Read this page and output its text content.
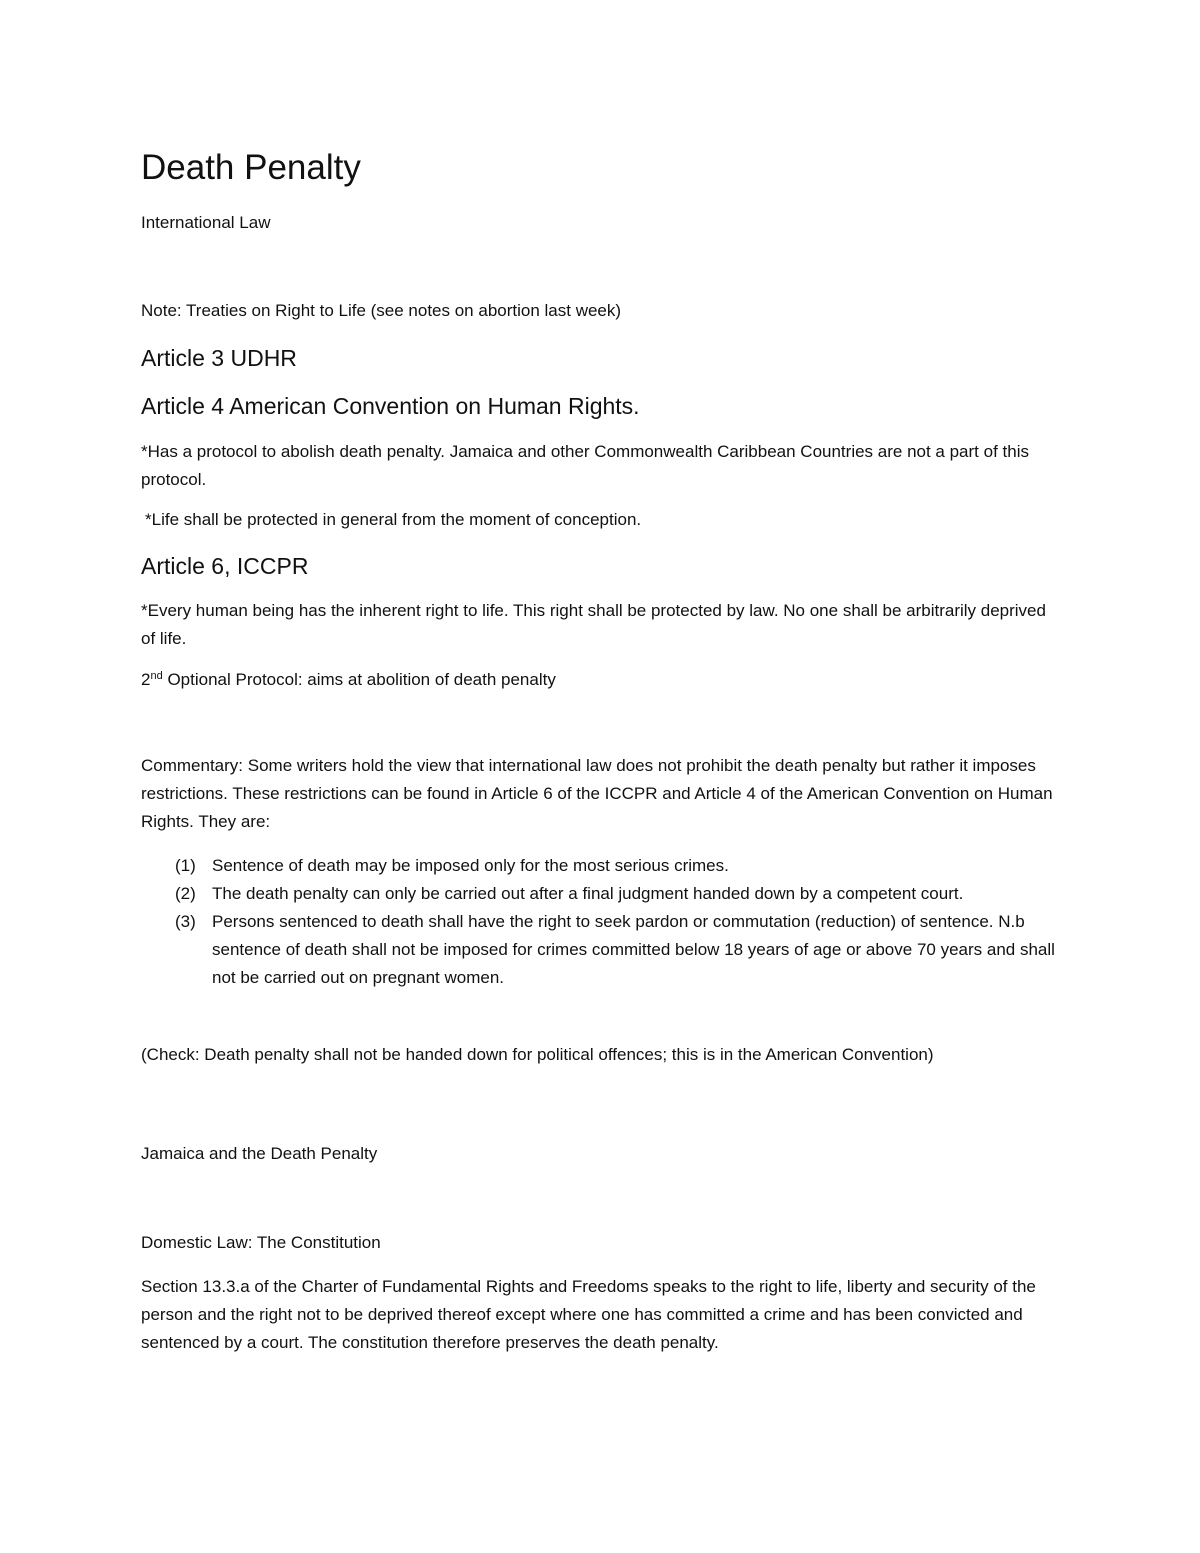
Death Penalty

International Law

Note: Treaties on Right to Life (see notes on abortion last week)

Article 3 UDHR
Article 4 American Convention on Human Rights.

*Has a protocol to abolish death penalty. Jamaica and other Commonwealth Caribbean Countries are not a part of this protocol.

*Life shall be protected in general from the moment of conception.

Article 6, ICCPR

*Every human being has the inherent right to life. This right shall be protected by law. No one shall be arbitrarily deprived of life.

2nd Optional Protocol: aims at abolition of death penalty

Commentary: Some writers hold the view that international law does not prohibit the death penalty but rather it imposes restrictions. These restrictions can be found in Article 6 of the ICCPR and Article 4 of the American Convention on Human Rights. They are:

(1) Sentence of death may be imposed only for the most serious crimes.
(2) The death penalty can only be carried out after a final judgment handed down by a competent court.
(3) Persons sentenced to death shall have the right to seek pardon or commutation (reduction) of sentence. N.b sentence of death shall not be imposed for crimes committed below 18 years of age or above 70 years and shall not be carried out on pregnant women.

(Check: Death penalty shall not be handed down for political offences; this is in the American Convention)

Jamaica and the Death Penalty

Domestic Law: The Constitution

Section 13.3.a of the Charter of Fundamental Rights and Freedoms speaks to the right to life, liberty and security of the person and the right not to be deprived thereof except where one has committed a crime and has been convicted and sentenced by a court. The constitution therefore preserves the death penalty.
